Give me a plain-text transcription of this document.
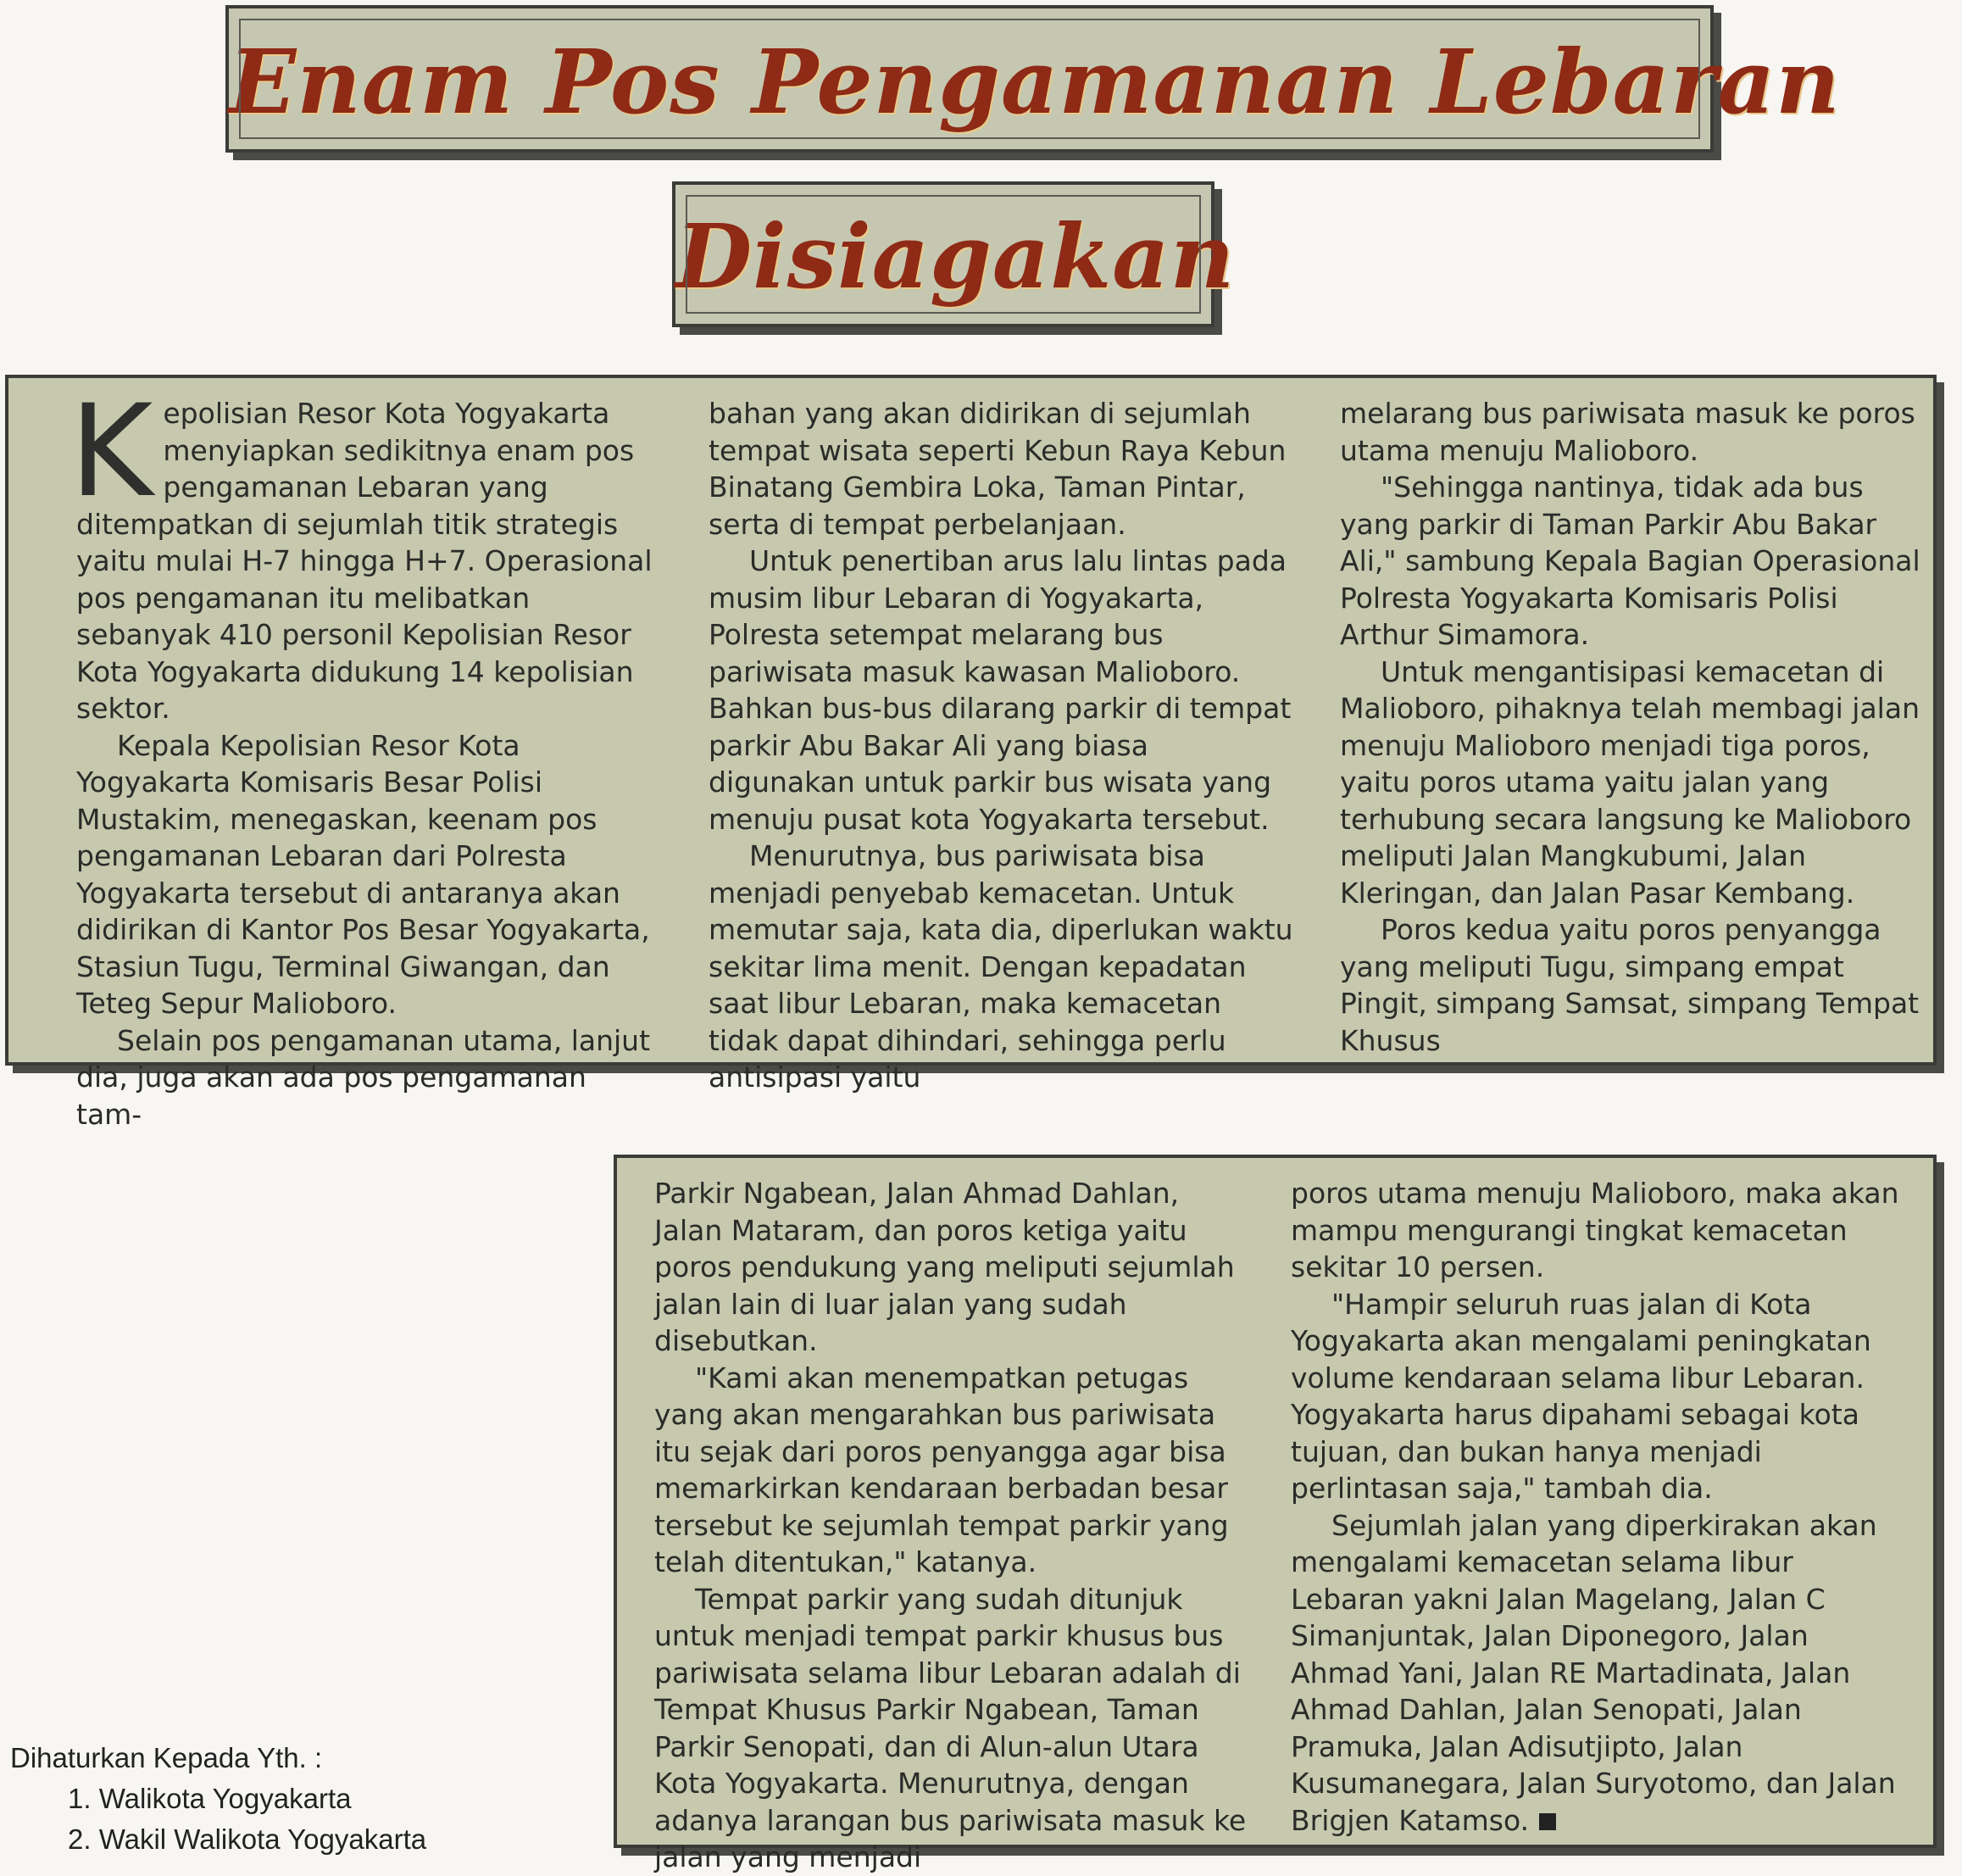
Enam Pos Pengamanan Lebaran
Disiagakan

Kepolisian Resor Kota Yogyakarta menyiapkan sedikitnya enam pos pengamanan Lebaran yang ditempatkan di sejumlah titik strategis yaitu mulai H-7 hingga H+7. Operasional pos pengamanan itu melibatkan sebanyak 410 personil Kepolisian Resor Kota Yogyakarta didukung 14 kepolisian sektor.

Kepala Kepolisian Resor Kota Yogyakarta Komisaris Besar Polisi Mustakim, menegaskan, keenam pos pengamanan Lebaran dari Polresta Yogyakarta tersebut di antaranya akan didirikan di Kantor Pos Besar Yogyakarta, Stasiun Tugu, Terminal Giwangan, dan Teteg Sepur Malioboro.

Selain pos pengamanan utama, lanjut dia, juga akan ada pos pengamanan tam-

bahan yang akan didirikan di sejumlah tempat wisata seperti Kebun Raya Kebun Binatang Gembira Loka, Taman Pintar, serta di tempat perbelanjaan.

Untuk penertiban arus lalu lintas pada musim libur Lebaran di Yogyakarta, Polresta setempat melarang bus pariwisata masuk kawasan Malioboro. Bahkan bus-bus dilarang parkir di tempat parkir Abu Bakar Ali yang biasa digunakan untuk parkir bus wisata yang menuju pusat kota Yogyakarta tersebut.

Menurutnya, bus pariwisata bisa menjadi penyebab kemacetan. Untuk memutar saja, kata dia, diperlukan waktu sekitar lima menit. Dengan kepadatan saat libur Lebaran, maka kemacetan tidak dapat dihindari, sehingga perlu antisipasi yaitu

melarang bus pariwisata masuk ke poros utama menuju Malioboro.

"Sehingga nantinya, tidak ada bus yang parkir di Taman Parkir Abu Bakar Ali," sambung Kepala Bagian Operasional Polresta Yogyakarta Komisaris Polisi Arthur Simamora.

Untuk mengantisipasi kemacetan di Malioboro, pihaknya telah membagi jalan menuju Malioboro menjadi tiga poros, yaitu poros utama yaitu jalan yang terhubung secara langsung ke Malioboro meliputi Jalan Mangkubumi, Jalan Kleringan, dan Jalan Pasar Kembang.

Poros kedua yaitu poros penyangga yang meliputi Tugu, simpang empat Pingit, simpang Samsat, simpang Tempat Khusus

Parkir Ngabean, Jalan Ahmad Dahlan, Jalan Mataram, dan poros ketiga yaitu poros pendukung yang meliputi sejumlah jalan lain di luar jalan yang sudah disebutkan.

"Kami akan menempatkan petugas yang akan mengarahkan bus pariwisata itu sejak dari poros penyangga agar bisa memarkirkan kendaraan berbadan besar tersebut ke sejumlah tempat parkir yang telah ditentukan," katanya.

Tempat parkir yang sudah ditunjuk untuk menjadi tempat parkir khusus bus pariwisata selama libur Lebaran adalah di Tempat Khusus Parkir Ngabean, Taman Parkir Senopati, dan di Alun-alun Utara Kota Yogyakarta. Menurutnya, dengan adanya larangan bus pariwisata masuk ke jalan yang menjadi

poros utama menuju Malioboro, maka akan mampu mengurangi tingkat kemacetan sekitar 10 persen.

"Hampir seluruh ruas jalan di Kota Yogyakarta akan mengalami peningkatan volume kendaraan selama libur Lebaran. Yogyakarta harus dipahami sebagai kota tujuan, dan bukan hanya menjadi perlintasan saja," tambah dia.

Sejumlah jalan yang diperkirakan akan mengalami kemacetan selama libur Lebaran yakni Jalan Magelang, Jalan C Simanjuntak, Jalan Diponegoro, Jalan Ahmad Yani, Jalan RE Martadinata, Jalan Ahmad Dahlan, Jalan Senopati, Jalan Pramuka, Jalan Adisutjipto, Jalan Kusumanegara, Jalan Suryotomo, dan Jalan Brigjen Katamso.

Dihaturkan Kepada Yth. :
1. Walikota Yogyakarta
2. Wakil Walikota Yogyakarta
